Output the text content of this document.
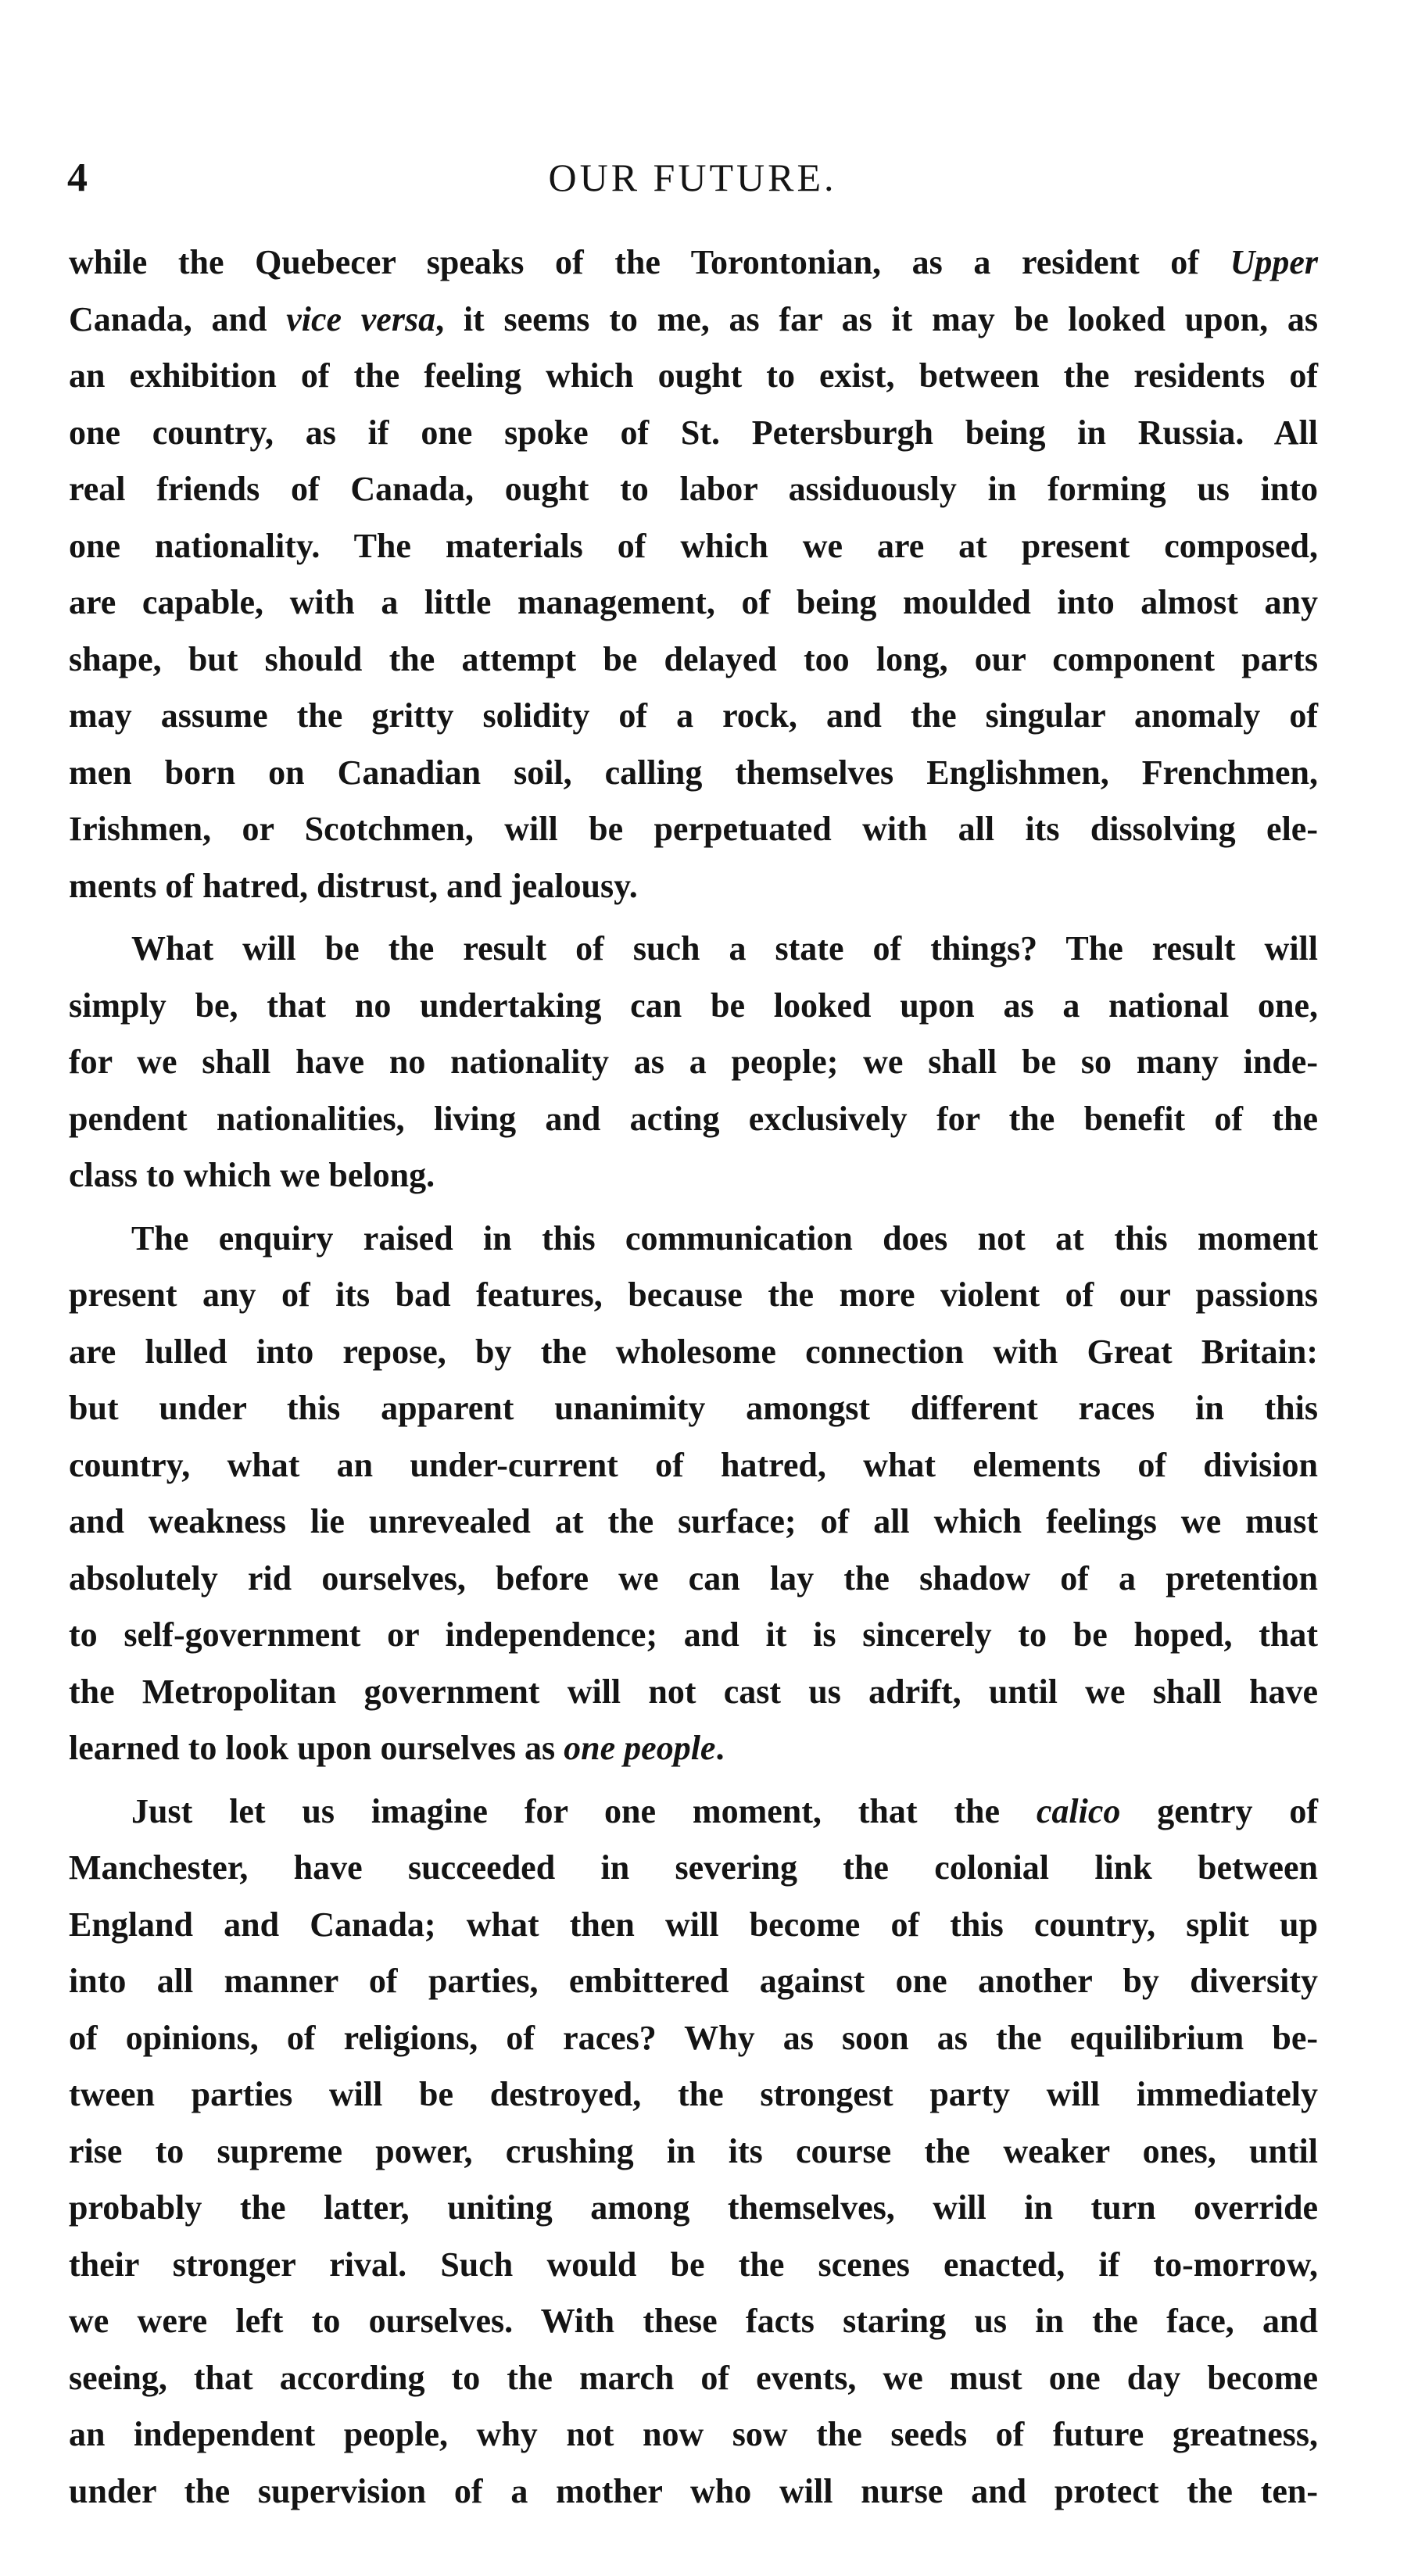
4	OUR FUTURE.
while the Quebecer speaks of the Torontonian, as a resident of Upper
Canada, and vice versa, it seems to me, as far as it may be looked upon, as
an exhibition of the feeling which ought to exist, between the residents of
one country, as if one spoke of St. Petersburgh being in Russia. All
real friends of Canada, ought to labor assiduously in forming us into
one nationality. The materials of which we are at present composed,
are capable, with a little management, of being moulded into almost any
shape, but should the attempt be delayed too long, our component parts
may assume the gritty solidity of a rock, and the singular anomaly of
men born on Canadian soil, calling themselves Englishmen, Frenchmen,
Irishmen, or Scotchmen, will be perpetuated with all its dissolving ele-
ments of hatred, distrust, and jealousy.
What will be the result of such a state of things? The result will
simply be, that no undertaking can be looked upon as a national one,
for we shall have no nationality as a people; we shall be so many inde-
pendent nationalities, living and acting exclusively for the benefit of the
class to which we belong.
The enquiry raised in this communication does not at this moment
present any of its bad features, because the more violent of our passions
are lulled into repose, by the wholesome connection with Great Britain:
but under this apparent unanimity amongst different races in this
country, what an under-current of hatred, what elements of division
and weakness lie unrevealed at the surface; of all which feelings we must
absolutely rid ourselves, before we can lay the shadow of a pretention
to self-government or independence; and it is sincerely to be hoped, that
the Metropolitan government will not cast us adrift, until we shall have
learned to look upon ourselves as one people.
Just let us imagine for one moment, that the calico gentry of
Manchester, have succeeded in severing the colonial link between
England and Canada; what then will become of this country, split up
into all manner of parties, embittered against one another by diversity
of opinions, of religions, of races? Why as soon as the equilibrium be-
tween parties will be destroyed, the strongest party will immediately
rise to supreme power, crushing in its course the weaker ones, until
probably the latter, uniting among themselves, will in turn override
their stronger rival. Such would be the scenes enacted, if to-morrow,
we were left to ourselves. With these facts staring us in the face, and
seeing, that according to the march of events, we must one day become
an independent people, why not now sow the seeds of future greatness,
under the supervision of a mother who will nurse and protect the ten-
